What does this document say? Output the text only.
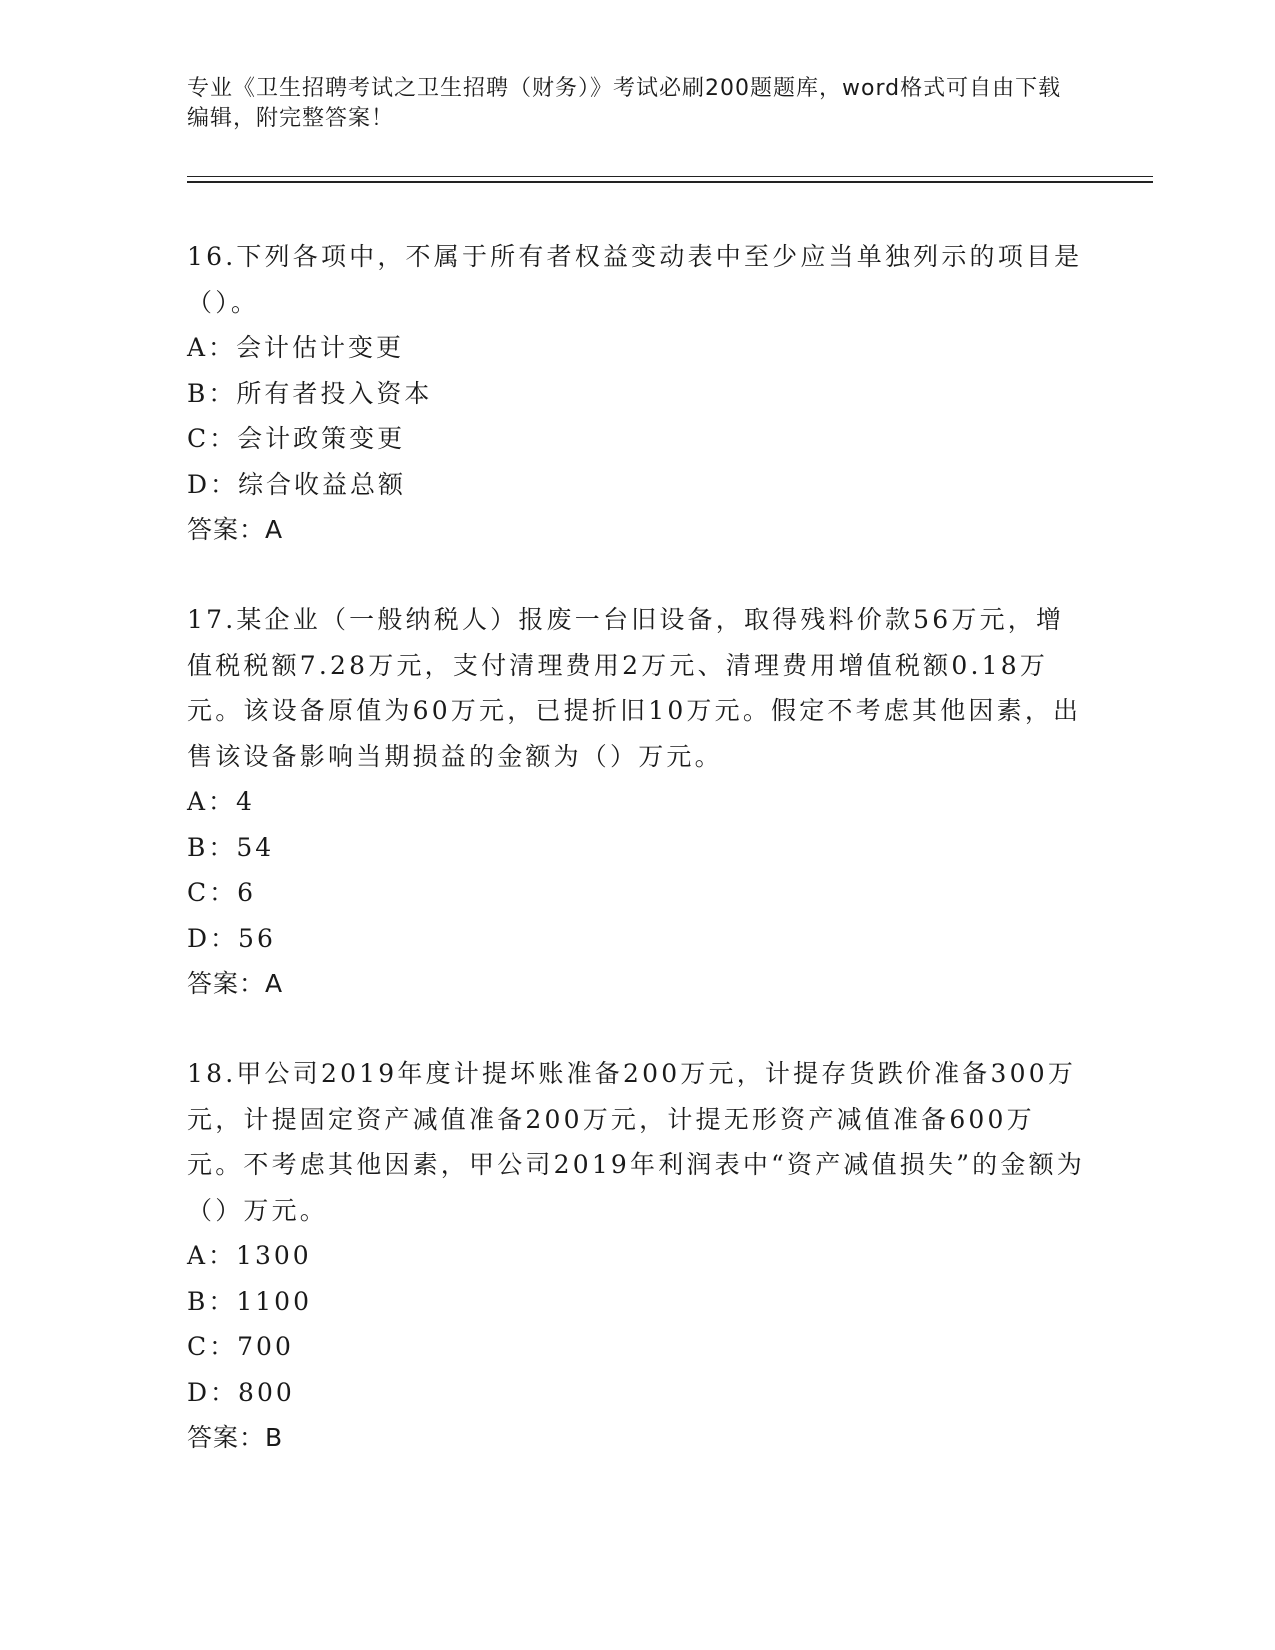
专业《卫生招聘考试之卫生招聘（财务）》考试必刷200题题库，word格式可自由下载编辑，附完整答案！

16.下列各项中，不属于所有者权益变动表中至少应当单独列示的项目是（）。

A：会计估计变更

B：所有者投入资本

C：会计政策变更

D：综合收益总额

答案：A

17.某企业（一般纳税人）报废一台旧设备，取得残料价款56万元，增值税税额7.28万元，支付清理费用2万元、清理费用增值税额0.18万元。该设备原值为60万元，已提折旧10万元。假定不考虑其他因素，出售该设备影响当期损益的金额为（）万元。

A：4

B：54

C：6

D：56

答案：A

18.甲公司2019年度计提坏账准备200万元，计提存货跌价准备300万元，计提固定资产减值准备200万元，计提无形资产减值准备600万元。不考虑其他因素，甲公司2019年利润表中“资产减值损失”的金额为（）万元。

A：1300

B：1100

C：700

D：800

答案：B
